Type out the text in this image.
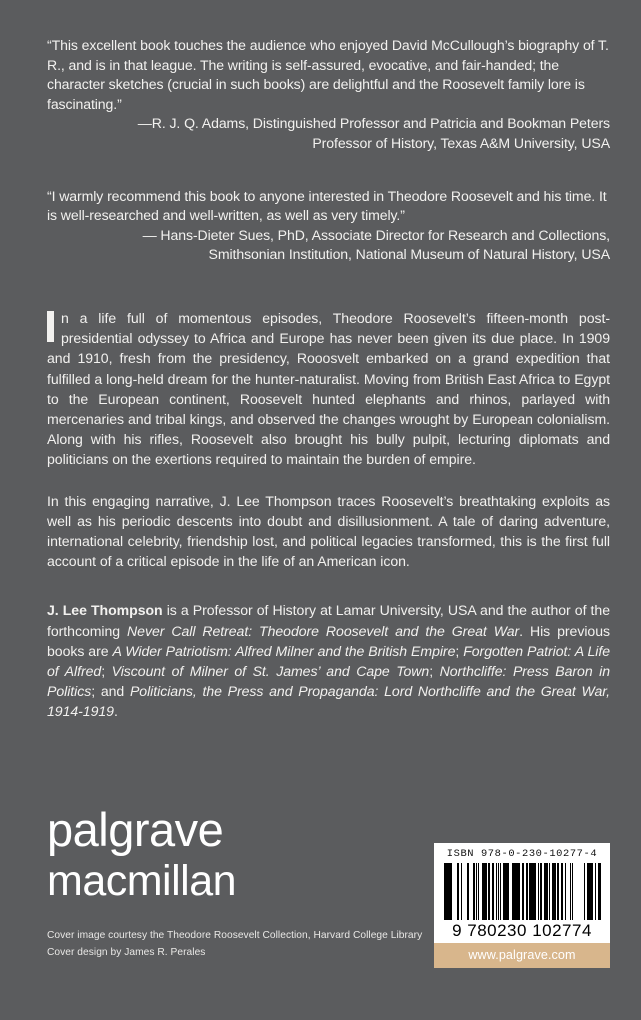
“This excellent book touches the audience who enjoyed David McCullough’s biography of T. R., and is in that league. The writing is self-assured, evocative, and fair-handed; the character sketches (crucial in such books) are delightful and the Roosevelt family lore is fascinating.”
—R. J. Q. Adams, Distinguished Professor and Patricia and Bookman Peters Professor of History, Texas A&M University, USA
“I warmly recommend this book to anyone interested in Theodore Roosevelt and his time. It is well-researched and well-written, as well as very timely.”
— Hans-Dieter Sues, PhD, Associate Director for Research and Collections, Smithsonian Institution, National Museum of Natural History, USA
n a life full of momentous episodes, Theodore Roosevelt’s fifteen-month post-presidential odyssey to Africa and Europe has never been given its due place. In 1909 and 1910, fresh from the presidency, Rooosvelt embarked on a grand expedition that fulfilled a long-held dream for the hunter-naturalist. Moving from British East Africa to Egypt to the European continent, Roosevelt hunted elephants and rhinos, parlayed with mercenaries and tribal kings, and observed the changes wrought by European colonialism. Along with his rifles, Roosevelt also brought his bully pulpit, lecturing diplomats and politicians on the exertions required to maintain the burden of empire.
In this engaging narrative, J. Lee Thompson traces Roosevelt’s breathtaking exploits as well as his periodic descents into doubt and disillusionment. A tale of daring adventure, international celebrity, friendship lost, and political legacies transformed, this is the first full account of a critical episode in the life of an American icon.
J. Lee Thompson is a Professor of History at Lamar University, USA and the author of the forthcoming Never Call Retreat: Theodore Roosevelt and the Great War. His previous books are A Wider Patriotism: Alfred Milner and the British Empire; Forgotten Patriot: A Life of Alfred; Viscount of Milner of St. James’ and Cape Town; Northcliffe: Press Baron in Politics; and Politicians, the Press and Propaganda: Lord Northcliffe and the Great War, 1914-1919.
palgrave
macmillan
Cover image courtesy the Theodore Roosevelt Collection, Harvard College Library
Cover design by James R. Perales
ISBN 978-0-230-10277-4
9 780230 102774
www.palgrave.com
